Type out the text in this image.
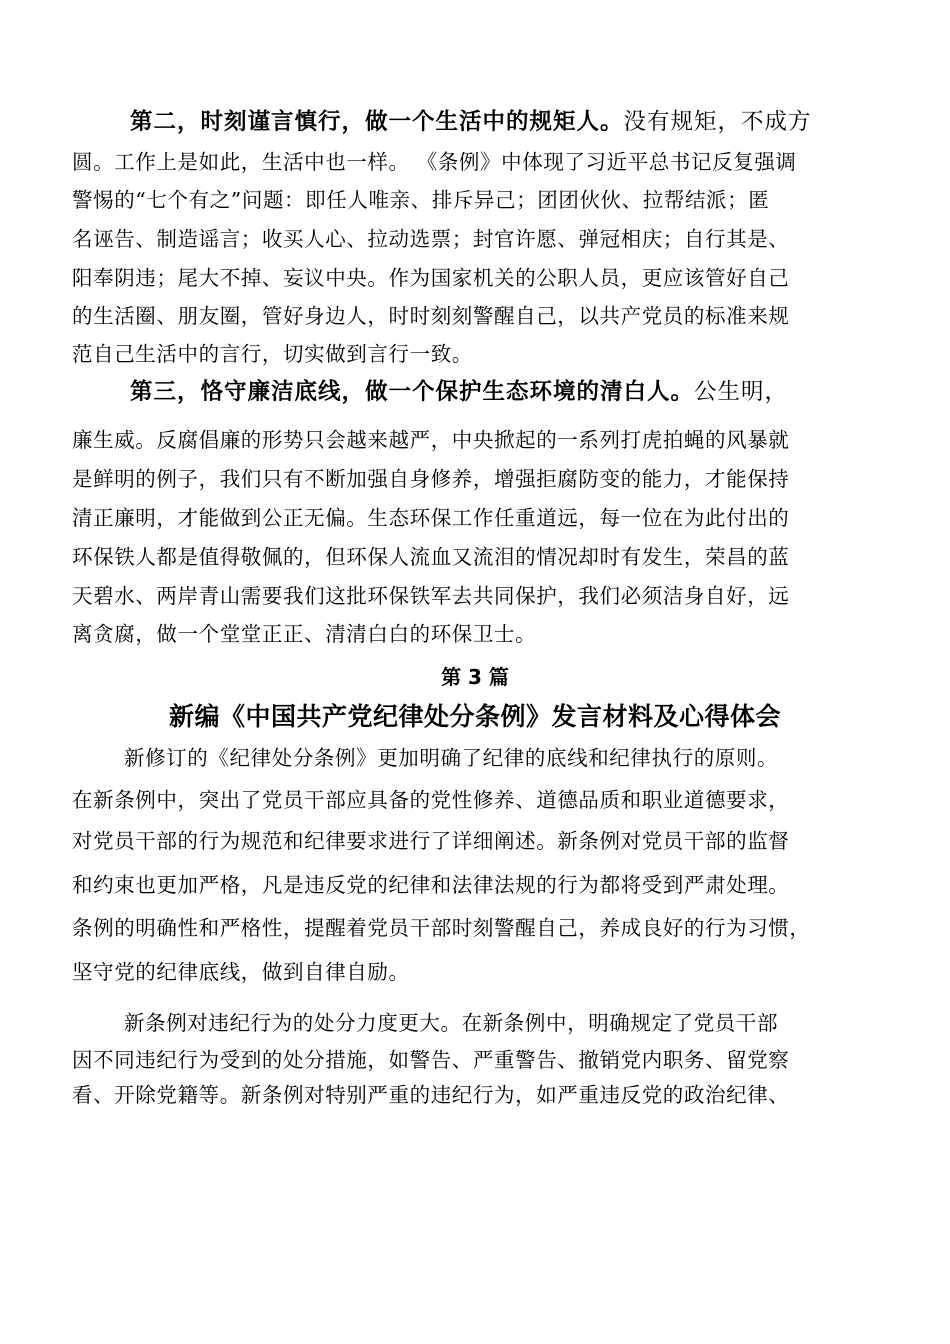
第二，时刻谨言慎行，做一个生活中的规矩人。没有规矩，不成方
圆。工作上是如此，生活中也一样。 《条例》中体现了习近平总书记反复强调
警惕的“七个有之”问题：即任人唯亲、排斥异己；团团伙伙、拉帮结派；匿
名诬告、制造谣言；收买人心、拉动选票；封官许愿、弹冠相庆；自行其是、
阳奉阴违；尾大不掉、妄议中央。作为国家机关的公职人员，更应该管好自己
的生活圈、朋友圈，管好身边人，时时刻刻警醒自己，以共产党员的标准来规
范自己生活中的言行，切实做到言行一致。
第三，恪守廉洁底线，做一个保护生态环境的清白人。公生明，
廉生威。反腐倡廉的形势只会越来越严，中央掀起的一系列打虎拍蝇的风暴就
是鲜明的例子，我们只有不断加强自身修养，增强拒腐防变的能力，才能保持
清正廉明，才能做到公正无偏。生态环保工作任重道远，每一位在为此付出的
环保铁人都是值得敬佩的，但环保人流血又流泪的情况却时有发生，荣昌的蓝
天碧水、两岸青山需要我们这批环保铁军去共同保护，我们必须洁身自好，远
离贪腐，做一个堂堂正正、清清白白的环保卫士。
第 3 篇
新编《中国共产党纪律处分条例》发言材料及心得体会
新修订的《纪律处分条例》更加明确了纪律的底线和纪律执行的原则。
在新条例中，突出了党员干部应具备的党性修养、道德品质和职业道德要求，
对党员干部的行为规范和纪律要求进行了详细阐述。新条例对党员干部的监督
和约束也更加严格，凡是违反党的纪律和法律法规的行为都将受到严肃处理。
条例的明确性和严格性，提醒着党员干部时刻警醒自己，养成良好的行为习惯，
坚守党的纪律底线，做到自律自励。
新条例对违纪行为的处分力度更大。在新条例中，明确规定了党员干部
因不同违纪行为受到的处分措施，如警告、严重警告、撤销党内职务、留党察
看、开除党籍等。新条例对特别严重的违纪行为，如严重违反党的政治纪律、
